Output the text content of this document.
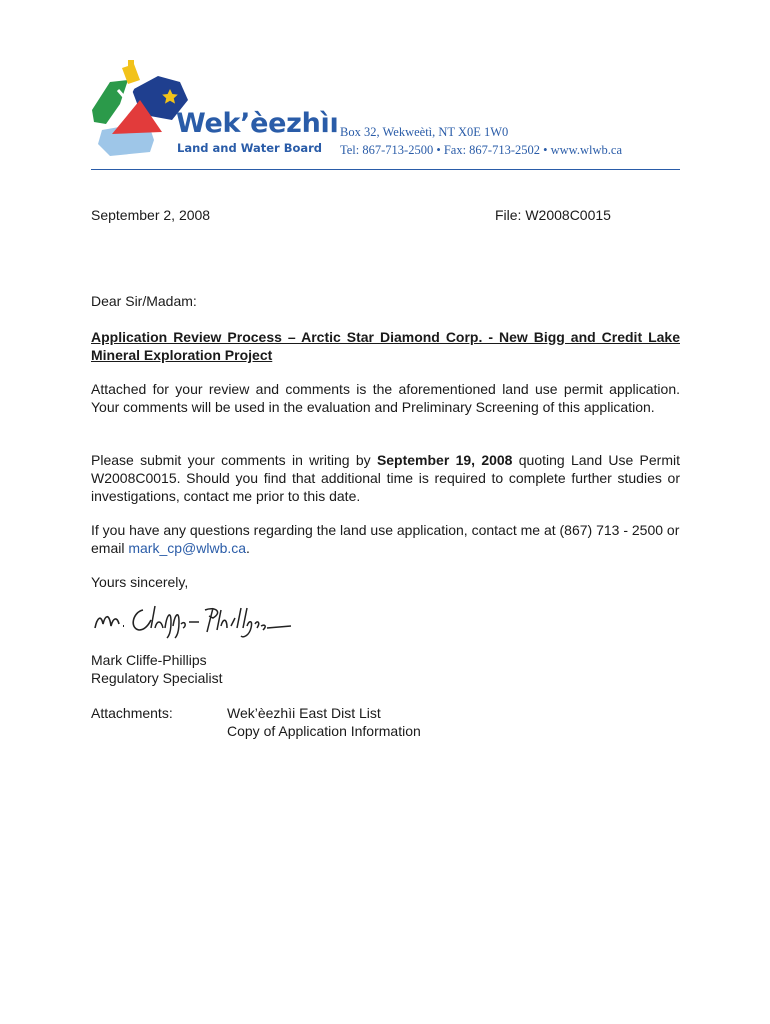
Wek’èezhìı
Land and Water Board
Box 32, Wekweètì, NT X0E 1W0
Tel: 867-713-2500 • Fax: 867-713-2502 • www.wlwb.ca
September 2, 2008	File: W2008C0015
Dear Sir/Madam:
Application Review Process – Arctic Star Diamond Corp. - New Bigg and Credit Lake Mineral Exploration Project
Attached for your review and comments is the aforementioned land use permit application. Your comments will be used in the evaluation and Preliminary Screening of this application.
Please submit your comments in writing by September 19, 2008 quoting Land Use Permit W2008C0015. Should you find that additional time is required to complete further studies or investigations, contact me prior to this date.
If you have any questions regarding the land use application, contact me at (867) 713 - 2500 or email mark_cp@wlwb.ca.
Yours sincerely,
Mark Cliffe-Phillips
Regulatory Specialist
Attachments:	Wek’èezhìi East Dist List
Copy of Application Information
